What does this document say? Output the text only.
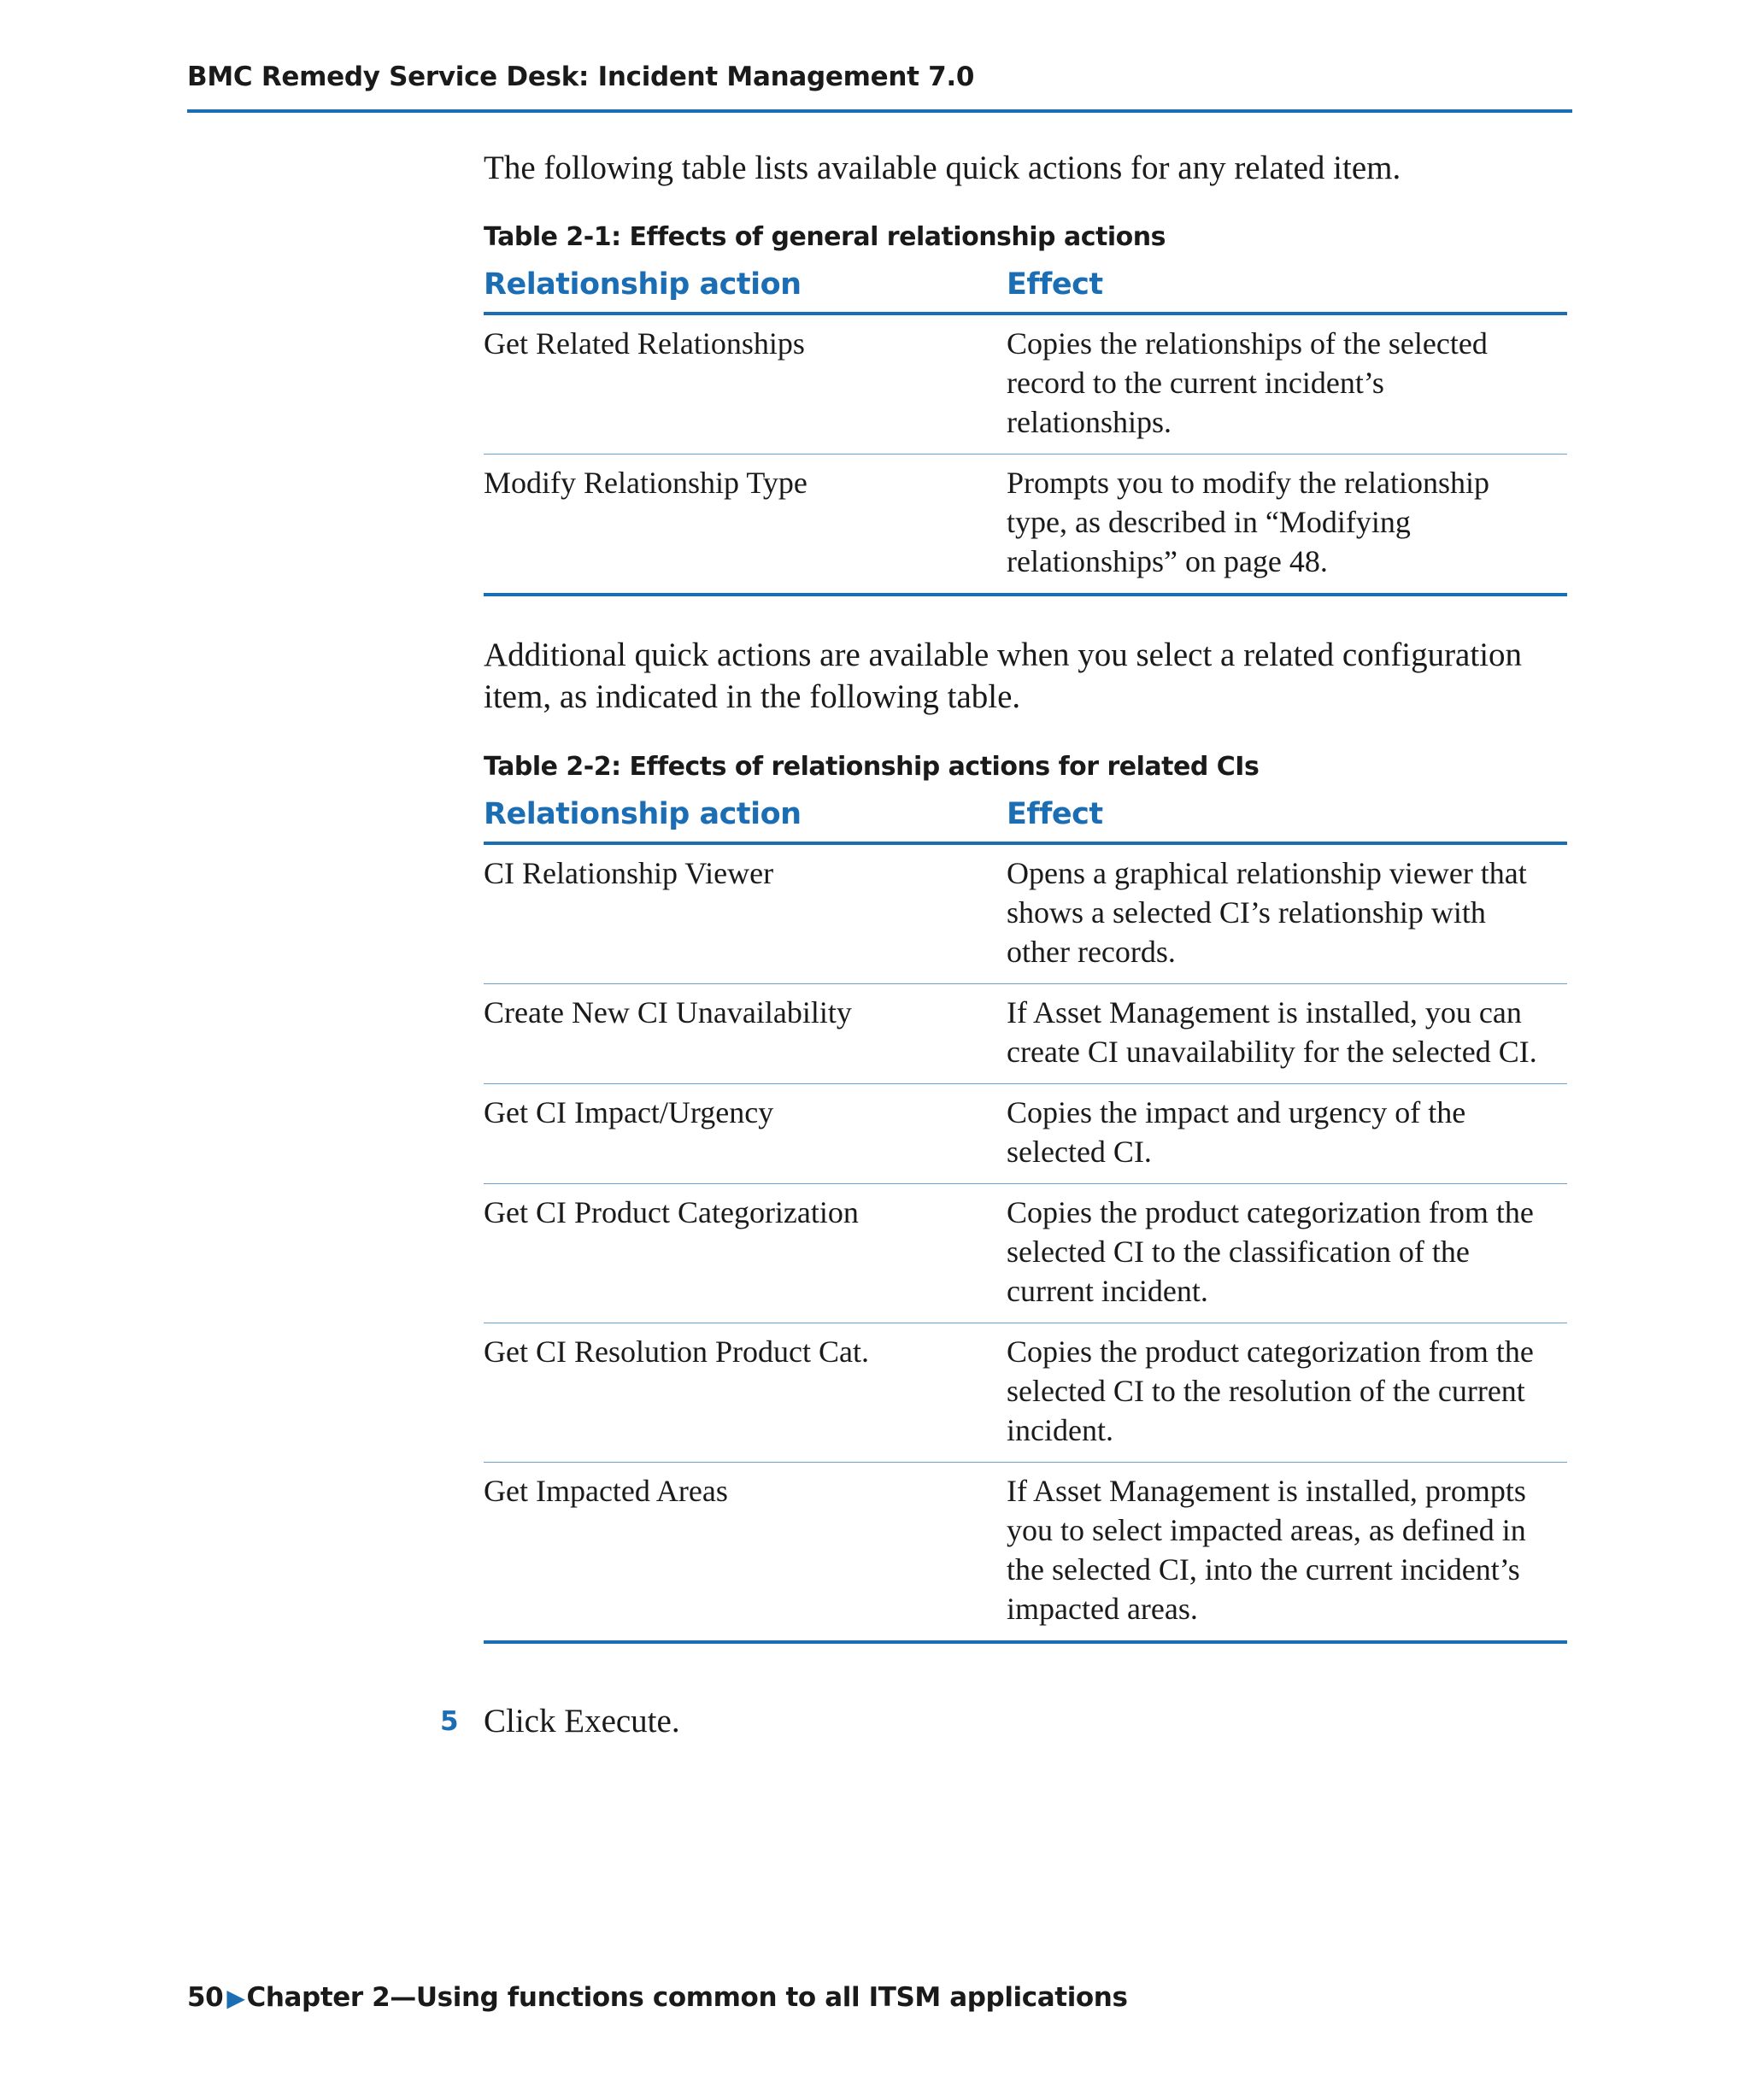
BMC Remedy Service Desk: Incident Management 7.0

The following table lists available quick actions for any related item.

Table 2-1: Effects of general relationship actions

Relationship action	Effect
Get Related Relationships	Copies the relationships of the selected record to the current incident’s relationships.
Modify Relationship Type	Prompts you to modify the relationship type, as described in “Modifying relationships” on page 48.

Additional quick actions are available when you select a related configuration item, as indicated in the following table.

Table 2-2: Effects of relationship actions for related CIs

Relationship action	Effect
CI Relationship Viewer	Opens a graphical relationship viewer that shows a selected CI’s relationship with other records.
Create New CI Unavailability	If Asset Management is installed, you can create CI unavailability for the selected CI.
Get CI Impact/Urgency	Copies the impact and urgency of the selected CI.
Get CI Product Categorization	Copies the product categorization from the selected CI to the classification of the current incident.
Get CI Resolution Product Cat.	Copies the product categorization from the selected CI to the resolution of the current incident.
Get Impacted Areas	If Asset Management is installed, prompts you to select impacted areas, as defined in the selected CI, into the current incident’s impacted areas.
5 Click Execute.
50 ▶Chapter 2—Using functions common to all ITSM applications
